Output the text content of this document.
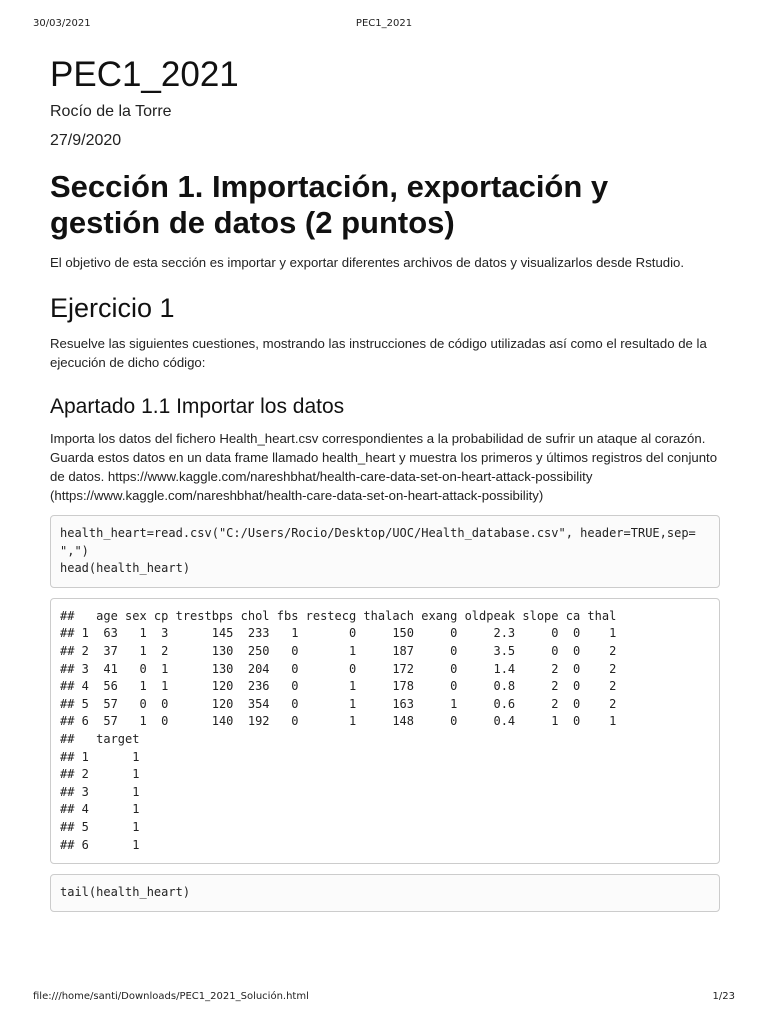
30/03/2021	PEC1_2021
PEC1_2021
Rocío de la Torre
27/9/2020
Sección 1. Importación, exportación y gestión de datos (2 puntos)

El objetivo de esta sección es importar y exportar diferentes archivos de datos y visualizarlos desde Rstudio.

Ejercicio 1

Resuelve las siguientes cuestiones, mostrando las instrucciones de código utilizadas así como el resultado de la ejecución de dicho código:

Apartado 1.1 Importar los datos

Importa los datos del fichero Health_heart.csv correspondientes a la probabilidad de sufrir un ataque al corazón. Guarda estos datos en un data frame llamado health_heart y muestra los primeros y últimos registros del conjunto de datos. https://www.kaggle.com/nareshbhat/health-care-data-set-on-heart-attack-possibility (https://www.kaggle.com/nareshbhat/health-care-data-set-on-heart-attack-possibility)

health_heart=read.csv("C:/Users/Rocio/Desktop/UOC/Health_database.csv", header=TRUE,sep=
",")
head(health_heart)
##   age sex cp trestbps chol fbs restecg thalach exang oldpeak slope ca thal
## 1  63   1  3      145  233   1       0     150     0     2.3     0  0    1
## 2  37   1  2      130  250   0       1     187     0     3.5     0  0    2
## 3  41   0  1      130  204   0       0     172     0     1.4     2  0    2
## 4  56   1  1      120  236   0       1     178     0     0.8     2  0    2
## 5  57   0  0      120  354   0       1     163     1     0.6     2  0    2
## 6  57   1  0      140  192   0       1     148     0     0.4     1  0    1
##   target
## 1      1
## 2      1
## 3      1
## 4      1
## 5      1
## 6      1
tail(health_heart)
file:///home/santi/Downloads/PEC1_2021_Solución.html	1/23
